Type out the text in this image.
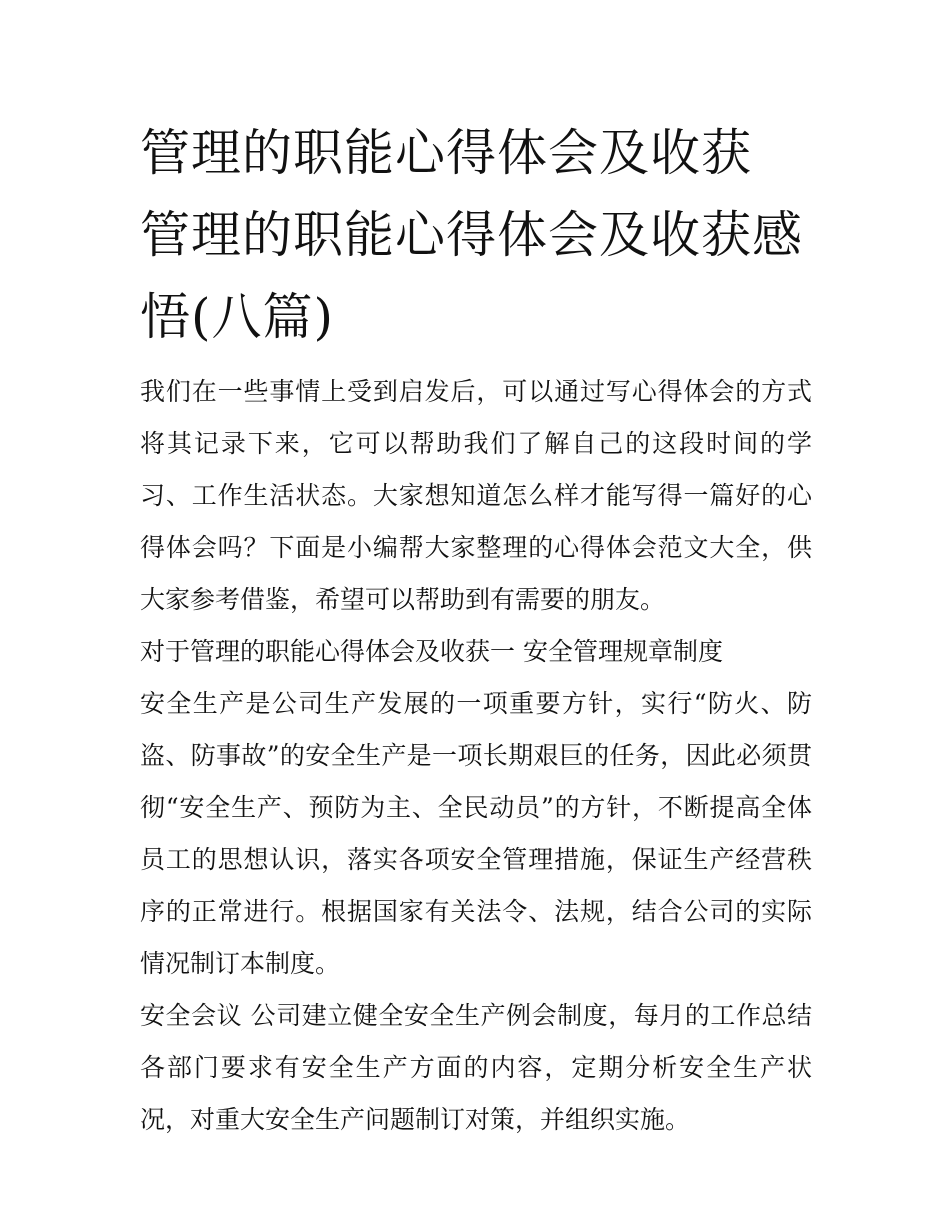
管理的职能心得体会及收获 管理的职能心得体会及收获感悟(八篇)

我们在一些事情上受到启发后，可以通过写心得体会的方式将其记录下来，它可以帮助我们了解自己的这段时间的学习、工作生活状态。大家想知道怎么样才能写得一篇好的心得体会吗？下面是小编帮大家整理的心得体会范文大全，供大家参考借鉴，希望可以帮助到有需要的朋友。

对于管理的职能心得体会及收获一 安全管理规章制度

安全生产是公司生产发展的一项重要方针，实行“防火、防盗、防事故”的安全生产是一项长期艰巨的任务，因此必须贯彻“安全生产、预防为主、全民动员”的方针，不断提高全体员工的思想认识，落实各项安全管理措施，保证生产经营秩序的正常进行。根据国家有关法令、法规，结合公司的实际情况制订本制度。

安全会议 公司建立健全安全生产例会制度，每月的工作总结各部门要求有安全生产方面的内容，定期分析安全生产状况，对重大安全生产问题制订对策，并组织实施。
